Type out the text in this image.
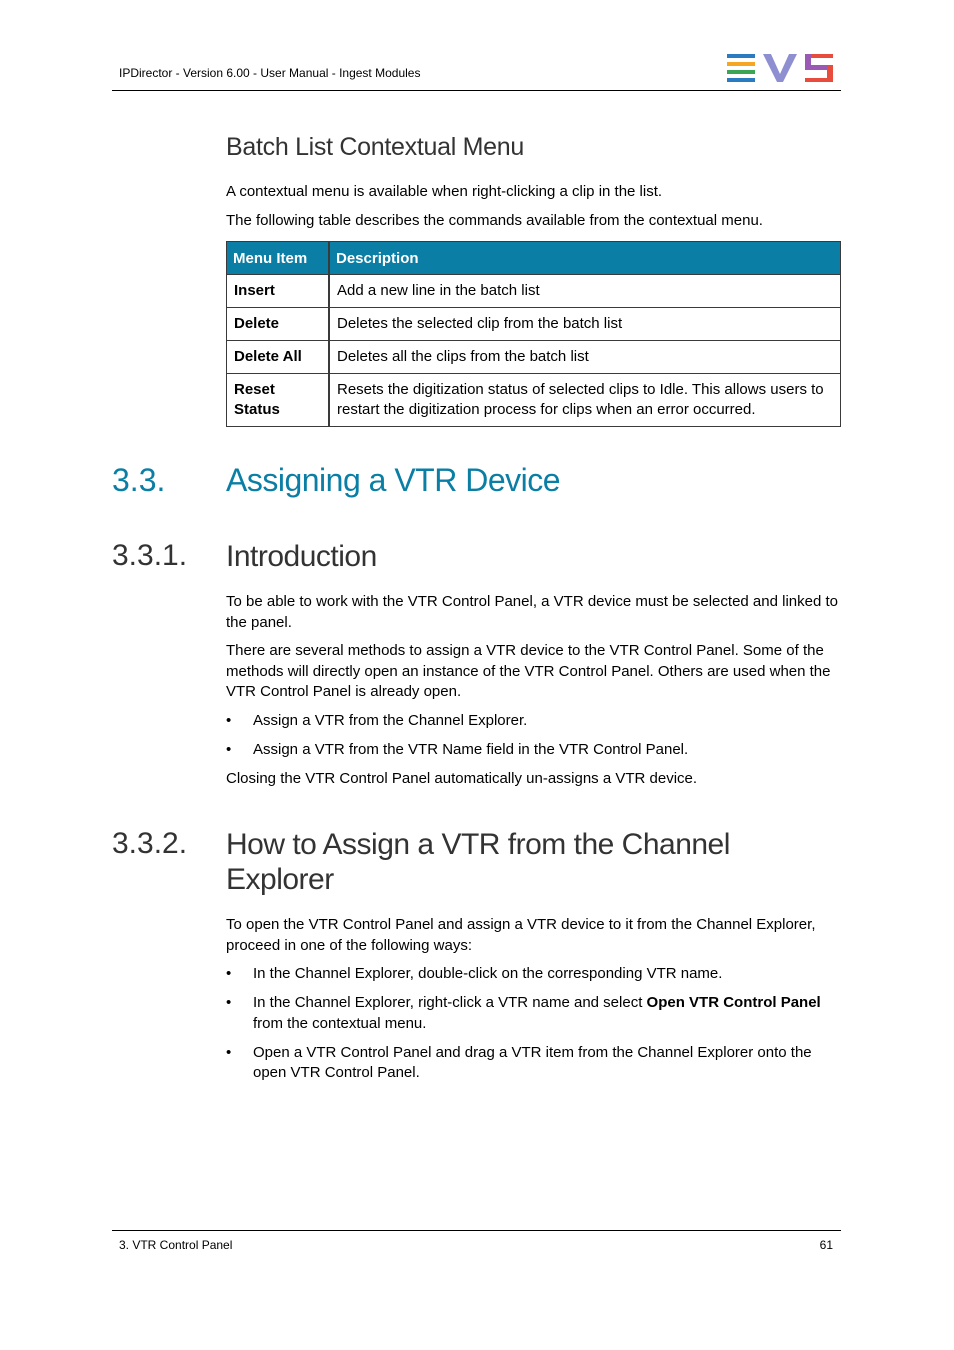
IPDirector - Version 6.00 - User Manual - Ingest Modules
Batch List Contextual Menu

A contextual menu is available when right-clicking a clip in the list.

The following table describes the commands available from the contextual menu.

Menu Item	Description
Insert	Add a new line in the batch list
Delete	Deletes the selected clip from the batch list
Delete All	Deletes all the clips from the batch list
Reset Status	Resets the digitization status of selected clips to Idle. This allows users to restart the digitization process for clips when an error occurred.
3.3. Assigning a VTR Device
3.3.1. Introduction

To be able to work with the VTR Control Panel, a VTR device must be selected and linked to the panel.

There are several methods to assign a VTR device to the VTR Control Panel. Some of the methods will directly open an instance of the VTR Control Panel. Others are used when the VTR Control Panel is already open.

• Assign a VTR from the Channel Explorer.
• Assign a VTR from the VTR Name field in the VTR Control Panel.

Closing the VTR Control Panel automatically un-assigns a VTR device.

3.3.2. How to Assign a VTR from the Channel
Explorer

To open the VTR Control Panel and assign a VTR device to it from the Channel Explorer, proceed in one of the following ways:

• In the Channel Explorer, double-click on the corresponding VTR name.
• In the Channel Explorer, right-click a VTR name and select Open VTR Control Panel from the contextual menu.
• Open a VTR Control Panel and drag a VTR item from the Channel Explorer onto the open VTR Control Panel.
3. VTR Control Panel	61
